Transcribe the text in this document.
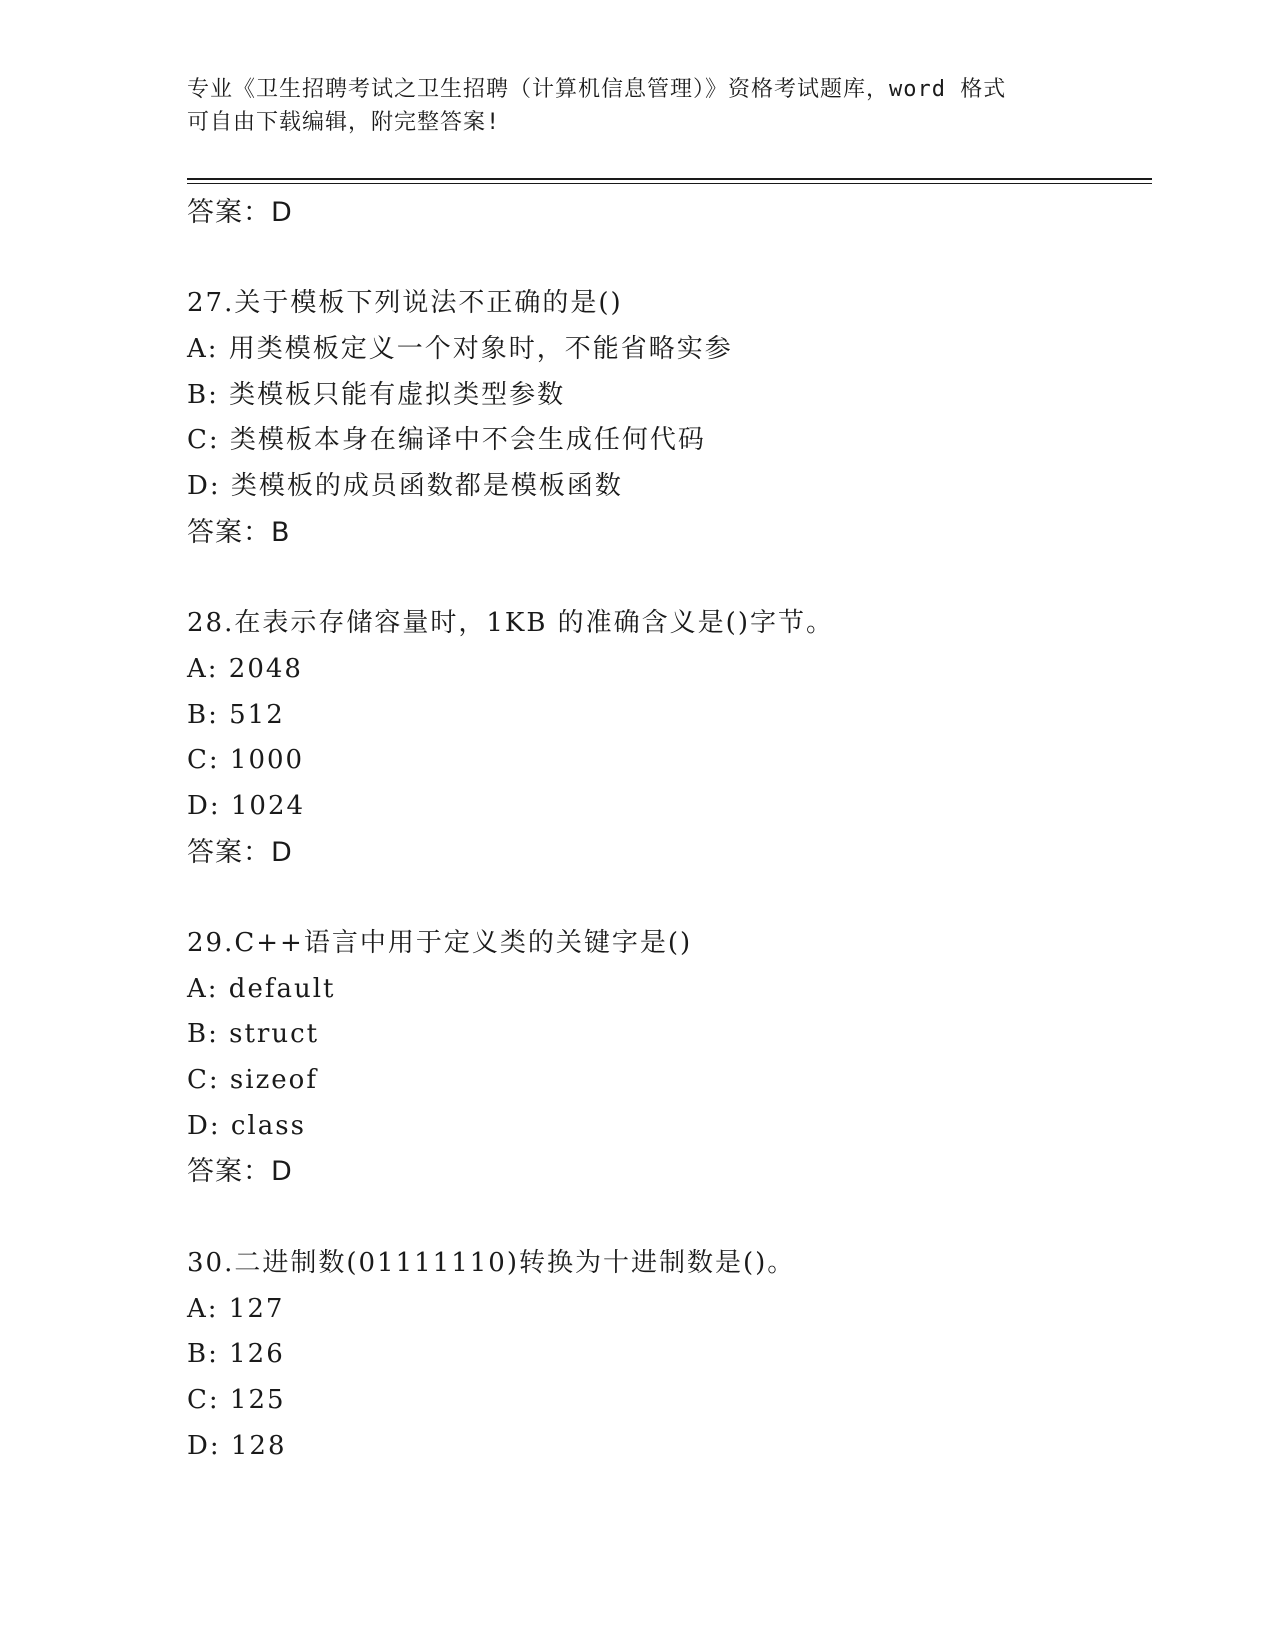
专业《卫生招聘考试之卫生招聘（计算机信息管理）》资格考试题库，word 格式
可自由下载编辑，附完整答案!
答案：D
27.关于模板下列说法不正确的是()
A: 用类模板定义一个对象时，不能省略实参
B: 类模板只能有虚拟类型参数
C: 类模板本身在编译中不会生成任何代码
D: 类模板的成员函数都是模板函数
答案：B
28.在表示存储容量时，1KB 的准确含义是()字节。
A: 2048
B: 512
C: 1000
D: 1024
答案：D
29.C++语言中用于定义类的关键字是()
A: default
B: struct
C: sizeof
D: class
答案：D
30.二进制数(01111110)转换为十进制数是()。
A: 127
B: 126
C: 125
D: 128
